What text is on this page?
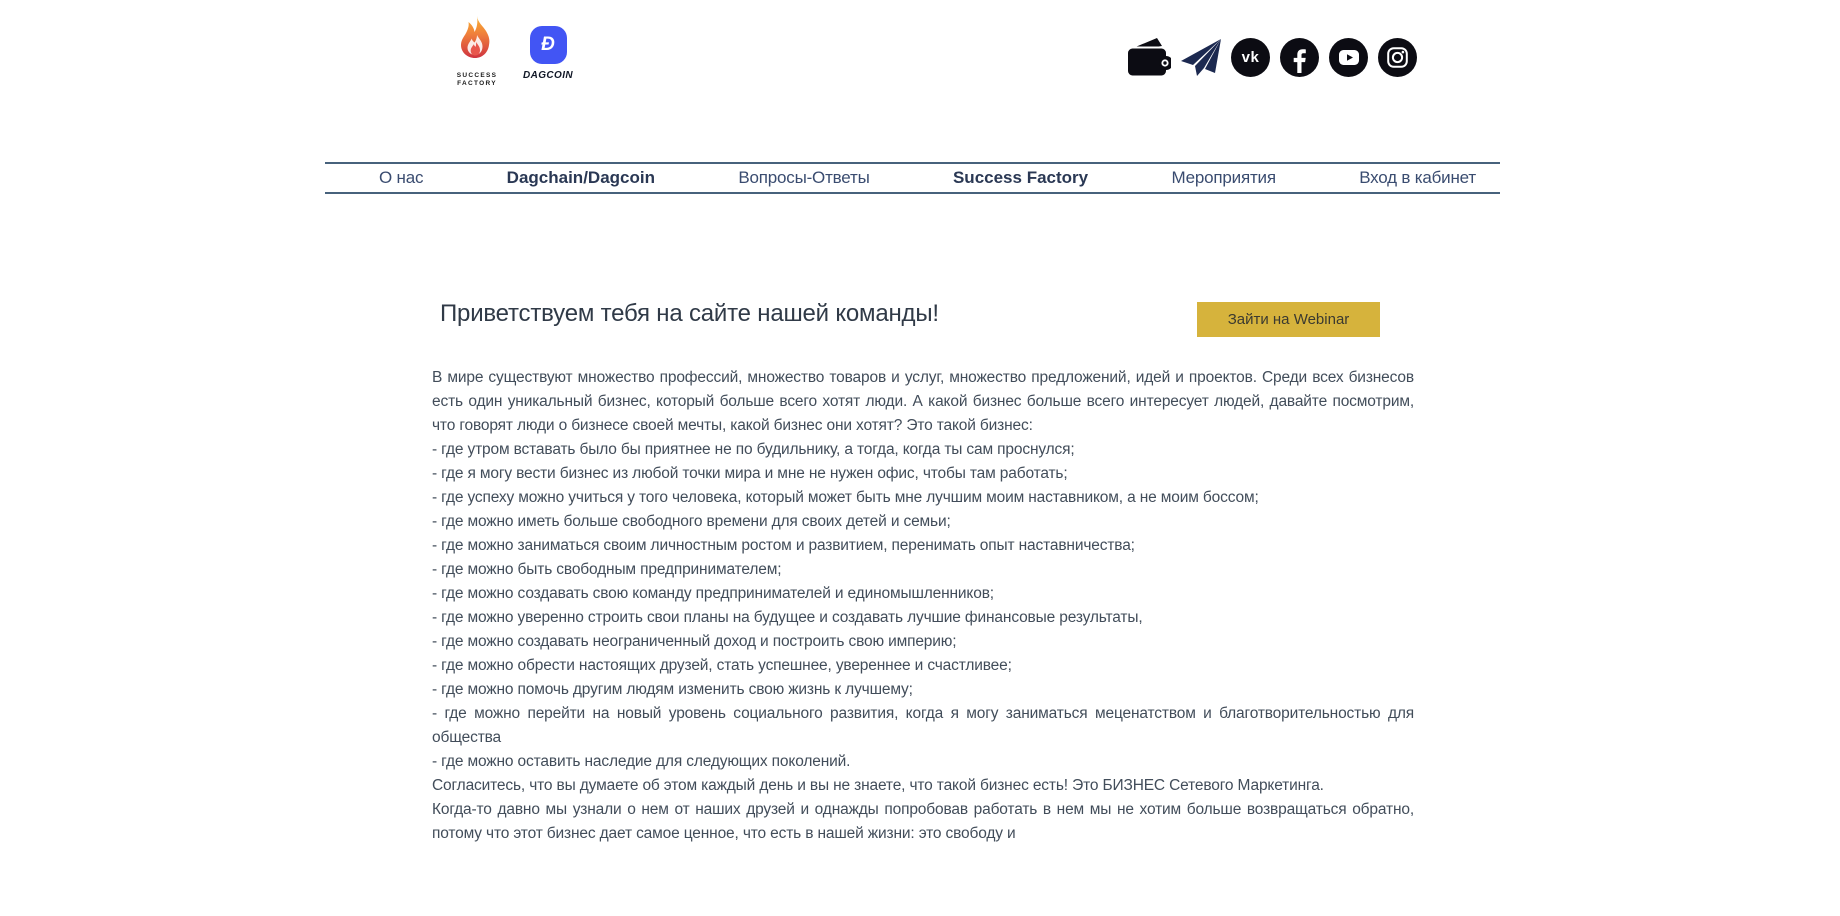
SUCCESS
FACTORY
Đ
DAGCOIN
vk
О нас	Dagchain/Dagcoin	Вопросы-Ответы	Success Factory	Мероприятия	Вход в кабинет
Приветствуем тебя на сайте нашей команды!	Зайти на Webinar

В мире существуют множество профессий, множество товаров и услуг, множество предложений, идей и проектов. Среди всех бизнесов есть один уникальный бизнес, который больше всего хотят люди. А какой бизнес больше всего интересует людей, давайте посмотрим, что говорят люди о бизнесе своей мечты, какой бизнес они хотят? Это такой бизнес:

- где утром вставать было бы приятнее не по будильнику, а тогда, когда ты сам проснулся;

- где я могу вести бизнес из любой точки мира и мне не нужен офис, чтобы там работать;

- где успеху можно учиться у того человека, который может быть мне лучшим моим наставником, а не моим боссом;

- где можно иметь больше свободного времени для своих детей и семьи;

- где можно заниматься своим личностным ростом и развитием, перенимать опыт наставничества;

- где можно быть свободным предпринимателем;

- где можно создавать свою команду предпринимателей и единомышленников;

- где можно уверенно строить свои планы на будущее и создавать лучшие финансовые результаты,

- где можно создавать неограниченный доход и построить свою империю;

- где можно обрести настоящих друзей, стать успешнее, увереннее и счастливее;

- где можно помочь другим людям изменить свою жизнь к лучшему;

- где можно перейти на новый уровень социального развития, когда я могу заниматься меценатством и благотворительностью для общества

- где можно оставить наследие для следующих поколений.

Согласитесь, что вы думаете об этом каждый день и вы не знаете, что такой бизнес есть! Это БИЗНЕС Сетевого Маркетинга.

Когда-то давно мы узнали о нем от наших друзей и однажды попробовав работать в нем мы не хотим больше возвращаться обратно, потому что этот бизнес дает самое ценное, что есть в нашей жизни: это свободу и
